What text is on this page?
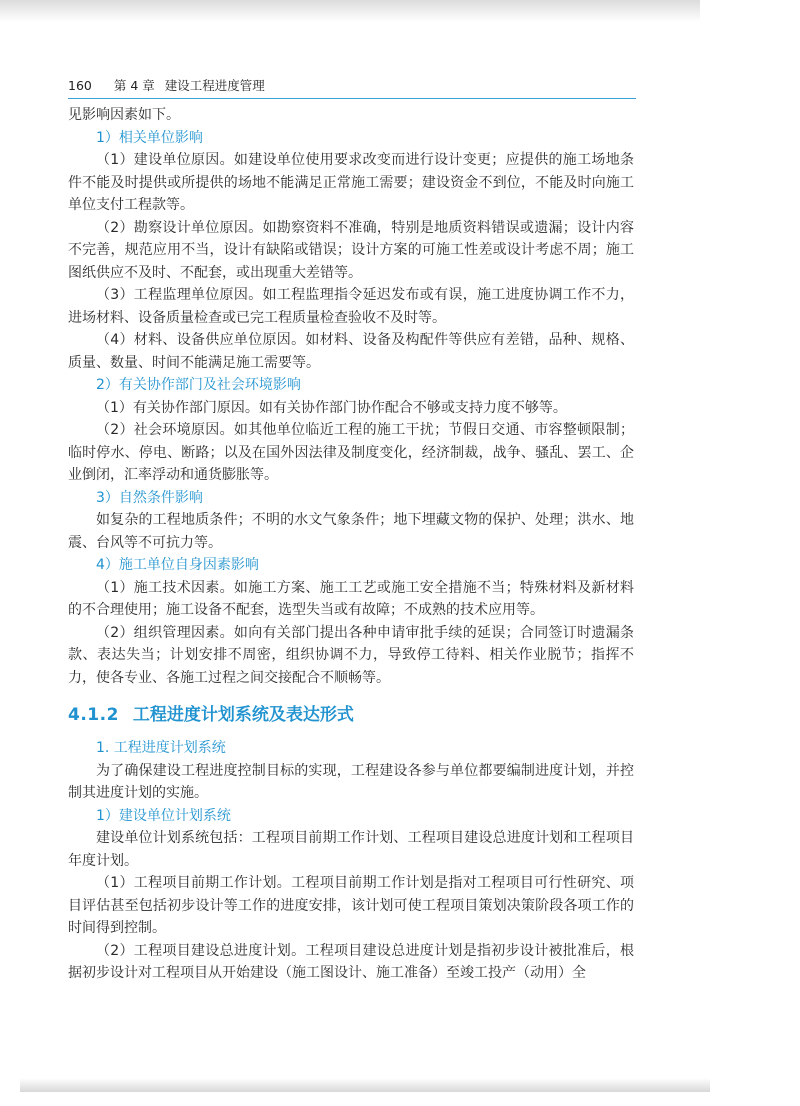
160 第 4 章 建设工程进度管理

见影响因素如下。

1）相关单位影响

（1）建设单位原因。如建设单位使用要求改变而进行设计变更；应提供的施工场地条件不能及时提供或所提供的场地不能满足正常施工需要；建设资金不到位，不能及时向施工单位支付工程款等。

（2）勘察设计单位原因。如勘察资料不准确，特别是地质资料错误或遗漏；设计内容不完善，规范应用不当，设计有缺陷或错误；设计方案的可施工性差或设计考虑不周；施工图纸供应不及时、不配套，或出现重大差错等。

（3）工程监理单位原因。如工程监理指令延迟发布或有误，施工进度协调工作不力，进场材料、设备质量检查或已完工程质量检查验收不及时等。

（4）材料、设备供应单位原因。如材料、设备及构配件等供应有差错，品种、规格、质量、数量、时间不能满足施工需要等。

2）有关协作部门及社会环境影响

（1）有关协作部门原因。如有关协作部门协作配合不够或支持力度不够等。

（2）社会环境原因。如其他单位临近工程的施工干扰；节假日交通、市容整顿限制；临时停水、停电、断路；以及在国外因法律及制度变化，经济制裁，战争、骚乱、罢工、企业倒闭，汇率浮动和通货膨胀等。

3）自然条件影响

如复杂的工程地质条件；不明的水文气象条件；地下埋藏文物的保护、处理；洪水、地震、台风等不可抗力等。

4）施工单位自身因素影响

（1）施工技术因素。如施工方案、施工工艺或施工安全措施不当；特殊材料及新材料的不合理使用；施工设备不配套，选型失当或有故障；不成熟的技术应用等。

（2）组织管理因素。如向有关部门提出各种申请审批手续的延误；合同签订时遗漏条款、表达失当；计划安排不周密，组织协调不力，导致停工待料、相关作业脱节；指挥不力，使各专业、各施工过程之间交接配合不顺畅等。

4.1.2 工程进度计划系统及表达形式
1. 工程进度计划系统

为了确保建设工程进度控制目标的实现，工程建设各参与单位都要编制进度计划，并控制其进度计划的实施。

1）建设单位计划系统

建设单位计划系统包括：工程项目前期工作计划、工程项目建设总进度计划和工程项目年度计划。

（1）工程项目前期工作计划。工程项目前期工作计划是指对工程项目可行性研究、项目评估甚至包括初步设计等工作的进度安排，该计划可使工程项目策划决策阶段各项工作的时间得到控制。

（2）工程项目建设总进度计划。工程项目建设总进度计划是指初步设计被批准后，根据初步设计对工程项目从开始建设（施工图设计、施工准备）至竣工投产（动用）全
